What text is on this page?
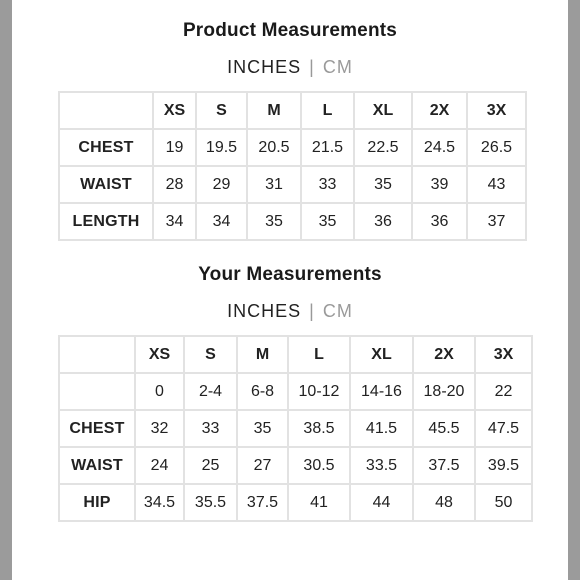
Product Measurements
INCHES | CM
	XS	S	M	L	XL	2X	3X
CHEST	19	19.5	20.5	21.5	22.5	24.5	26.5
WAIST	28	29	31	33	35	39	43
LENGTH	34	34	35	35	36	36	37
Your Measurements
INCHES | CM
	XS	S	M	L	XL	2X	3X
	0	2-4	6-8	10-12	14-16	18-20	22
CHEST	32	33	35	38.5	41.5	45.5	47.5
WAIST	24	25	27	30.5	33.5	37.5	39.5
HIP	34.5	35.5	37.5	41	44	48	50
